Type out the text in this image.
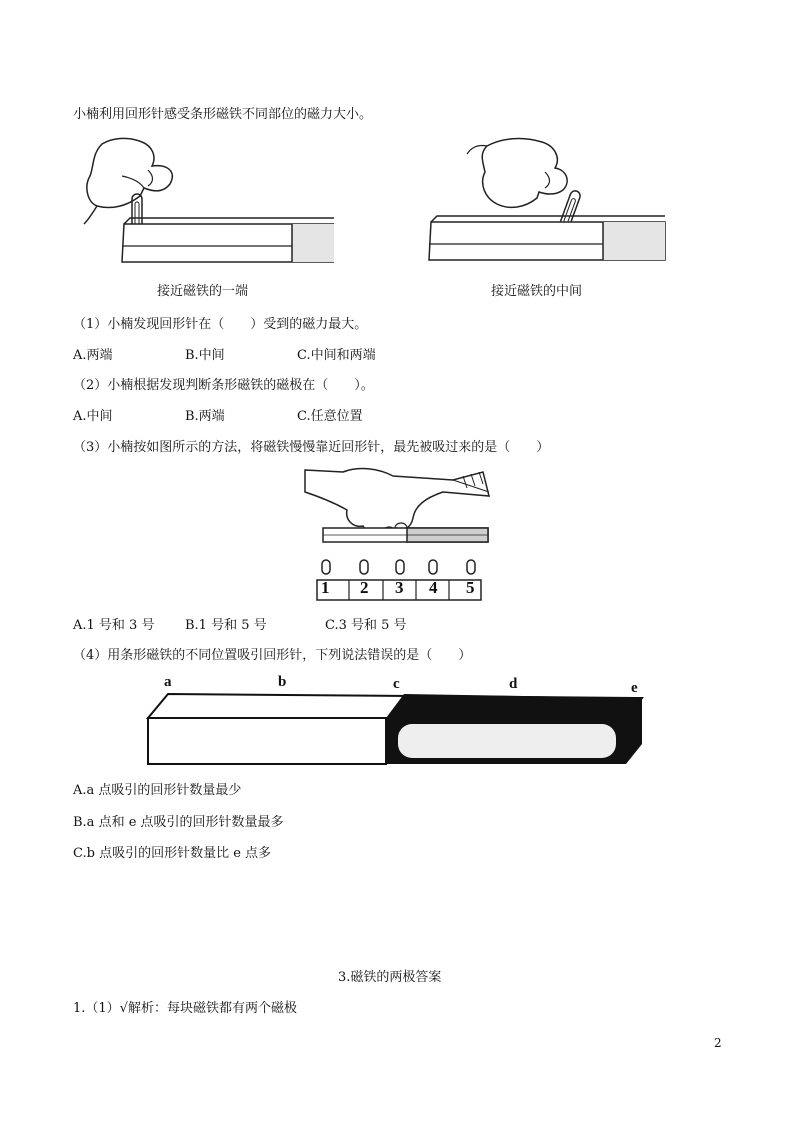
小楠利用回形针感受条形磁铁不同部位的磁力大小。
接近磁铁的一端	接近磁铁的中间
（1）小楠发现回形针在（　　）受到的磁力最大。
A.两端	B.中间	C.中间和两端
（2）小楠根据发现判断条形磁铁的磁极在（　　）。
A.中间	B.两端	C.任意位置
（3）小楠按如图所示的方法，将磁铁慢慢靠近回形针，最先被吸过来的是（　　）
1 2 3 4 5
A.1 号和 3 号 B.1 号和 5 号	C.3 号和 5 号
（4）用条形磁铁的不同位置吸引回形针，下列说法错误的是（　　）
a	b	c	d	e
A.a 点吸引的回形针数量最少
B.a 点和 e 点吸引的回形针数量最多
C.b 点吸引的回形针数量比 e 点多
3.磁铁的两极答案
1.（1）√解析：每块磁铁都有两个磁极
2
